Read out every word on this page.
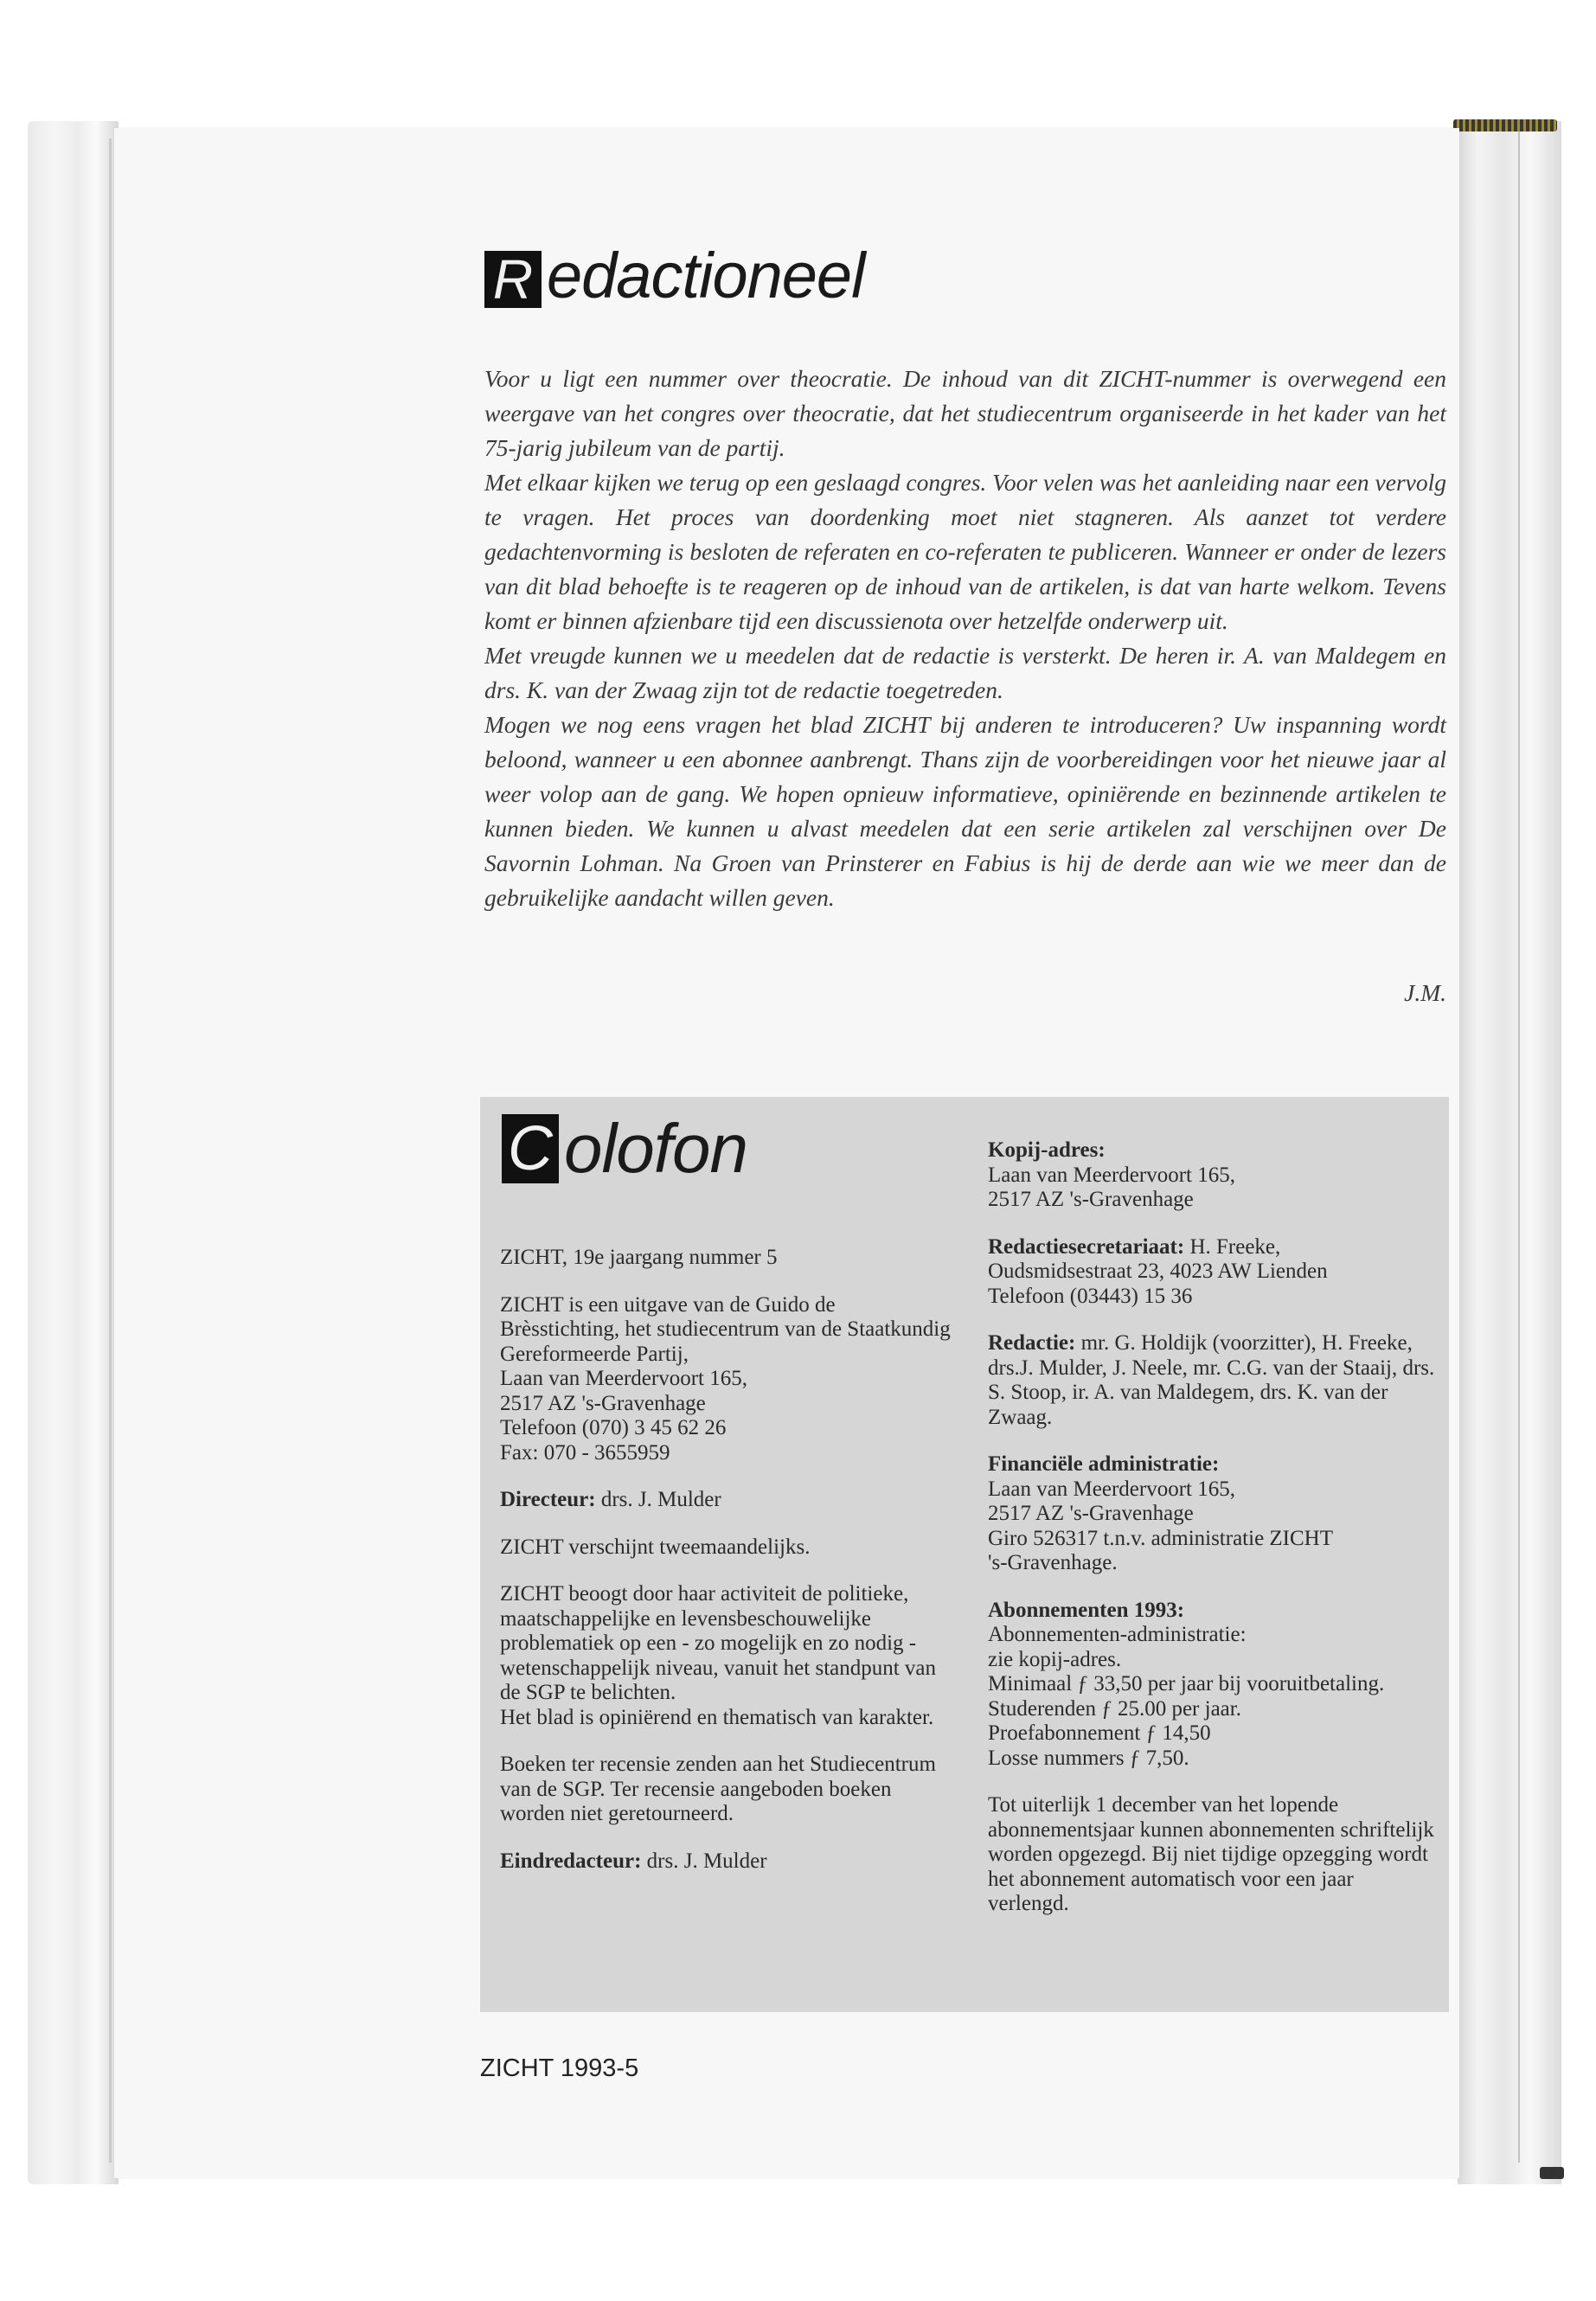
R edactioneel

Voor u ligt een nummer over theocratie. De inhoud van dit ZICHT-nummer is overwegend een weergave van het congres over theocratie, dat het studiecentrum organiseerde in het kader van het 75-jarig jubileum van de partij.

Met elkaar kijken we terug op een geslaagd congres. Voor velen was het aanleiding naar een vervolg te vragen. Het proces van doordenking moet niet stagneren. Als aanzet tot verdere gedachtenvorming is besloten de referaten en co-referaten te publiceren. Wanneer er onder de lezers van dit blad behoefte is te reageren op de inhoud van de artikelen, is dat van harte welkom. Tevens komt er binnen afzienbare tijd een discussienota over hetzelfde onderwerp uit.

Met vreugde kunnen we u meedelen dat de redactie is versterkt. De heren ir. A. van Maldegem en drs. K. van der Zwaag zijn tot de redactie toegetreden.

Mogen we nog eens vragen het blad ZICHT bij anderen te introduceren? Uw inspanning wordt beloond, wanneer u een abonnee aanbrengt. Thans zijn de voorbereidingen voor het nieuwe jaar al weer volop aan de gang. We hopen opnieuw informatieve, opiniërende en bezinnende artikelen te kunnen bieden. We kunnen u alvast meedelen dat een serie artikelen zal verschijnen over De Savornin Lohman. Na Groen van Prinsterer en Fabius is hij de derde aan wie we meer dan de gebruikelijke aandacht willen geven.

J.M.
C olofon
ZICHT, 19e jaargang nummer 5
ZICHT is een uitgave van de Guido de Brèsstichting, het studiecentrum van de Staatkundig Gereformeerde Partij,
Laan van Meerdervoort 165,
2517 AZ 's-Gravenhage
Telefoon (070) 3 45 62 26
Fax: 070 - 3655959
Directeur: drs. J. Mulder
ZICHT verschijnt tweemaandelijks.
ZICHT beoogt door haar activiteit de politieke, maatschappelijke en levensbeschouwelijke problematiek op een - zo mogelijk en zo nodig - wetenschappelijk niveau, vanuit het standpunt van de SGP te belichten.
Het blad is opiniërend en thematisch van karakter.
Boeken ter recensie zenden aan het Studiecentrum van de SGP. Ter recensie aangeboden boeken worden niet geretourneerd.
Eindredacteur: drs. J. Mulder
Kopij-adres:
Laan van Meerdervoort 165,
2517 AZ 's-Gravenhage
Redactiesecretariaat: H. Freeke,
Oudsmidsestraat 23, 4023 AW Lienden
Telefoon (03443) 15 36
Redactie: mr. G. Holdijk (voorzitter), H. Freeke, drs.J. Mulder, J. Neele, mr. C.G. van der Staaij, drs. S. Stoop, ir. A. van Maldegem, drs. K. van der Zwaag.
Financiële administratie:
Laan van Meerdervoort 165,
2517 AZ 's-Gravenhage
Giro 526317 t.n.v. administratie ZICHT
's-Gravenhage.
Abonnementen 1993:
Abonnementen-administratie:
zie kopij-adres.
Minimaal ƒ 33,50 per jaar bij vooruitbetaling.
Studerenden ƒ 25.00 per jaar.
Proefabonnement ƒ 14,50
Losse nummers ƒ 7,50.
Tot uiterlijk 1 december van het lopende abonnementsjaar kunnen abonnementen schriftelijk worden opgezegd. Bij niet tijdige opzegging wordt het abonnement automatisch voor een jaar verlengd.
ZICHT 1993-5
